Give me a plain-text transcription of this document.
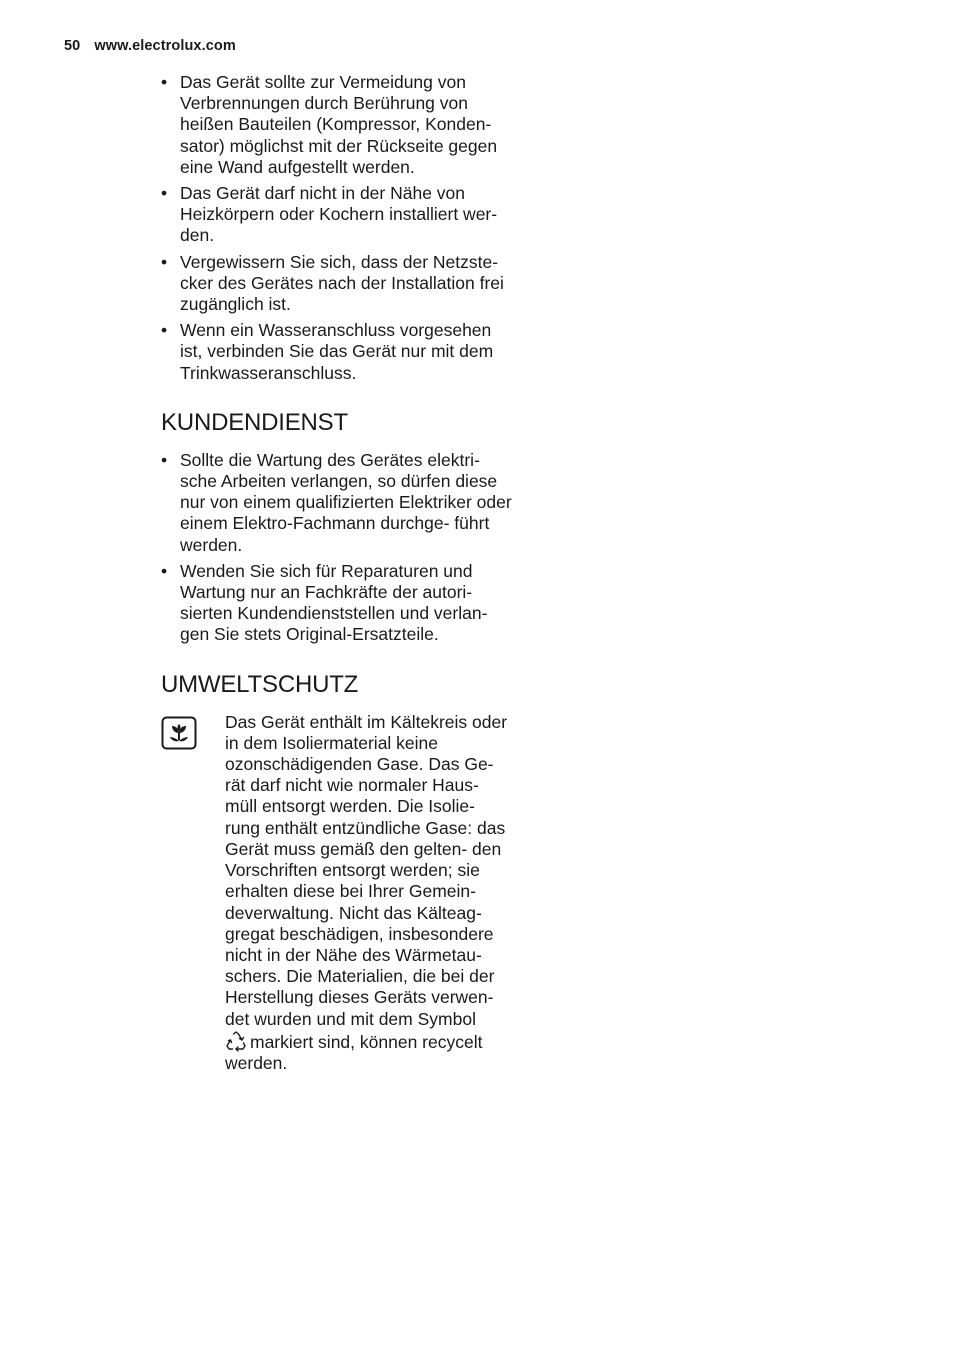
50 www.electrolux.com
• Das Gerät sollte zur Vermeidung von Verbrennungen durch Berührung von heißen Bauteilen (Kompressor, Konden- sator) möglichst mit der Rückseite gegen eine Wand aufgestellt werden.
• Das Gerät darf nicht in der Nähe von Heizkörpern oder Kochern installiert wer- den.
• Vergewissern Sie sich, dass der Netzste- cker des Gerätes nach der Installation frei zugänglich ist.
• Wenn ein Wasseranschluss vorgesehen ist, verbinden Sie das Gerät nur mit dem Trinkwasseranschluss.
KUNDENDIENST
• Sollte die Wartung des Gerätes elektri- sche Arbeiten verlangen, so dürfen diese nur von einem qualifizierten Elektriker oder einem Elektro-Fachmann durchge- führt werden.
• Wenden Sie sich für Reparaturen und Wartung nur an Fachkräfte der autori- sierten Kundendienststellen und verlan- gen Sie stets Original-Ersatzteile.
UMWELTSCHUTZ

Das Gerät enthält im Kältekreis oder in dem Isoliermaterial keine ozonschädigenden Gase. Das Ge- rät darf nicht wie normaler Haus- müll entsorgt werden. Die Isolie- rung enthält entzündliche Gase: das Gerät muss gemäß den gelten- den Vorschriften entsorgt werden; sie erhalten diese bei Ihrer Gemein- deverwaltung. Nicht das Kälteag- gregat beschädigen, insbesondere nicht in der Nähe des Wärmetau- schers. Die Materialien, die bei der Herstellung dieses Geräts verwen- det wurden und mit dem Symbol
markiert sind, können recycelt werden.
